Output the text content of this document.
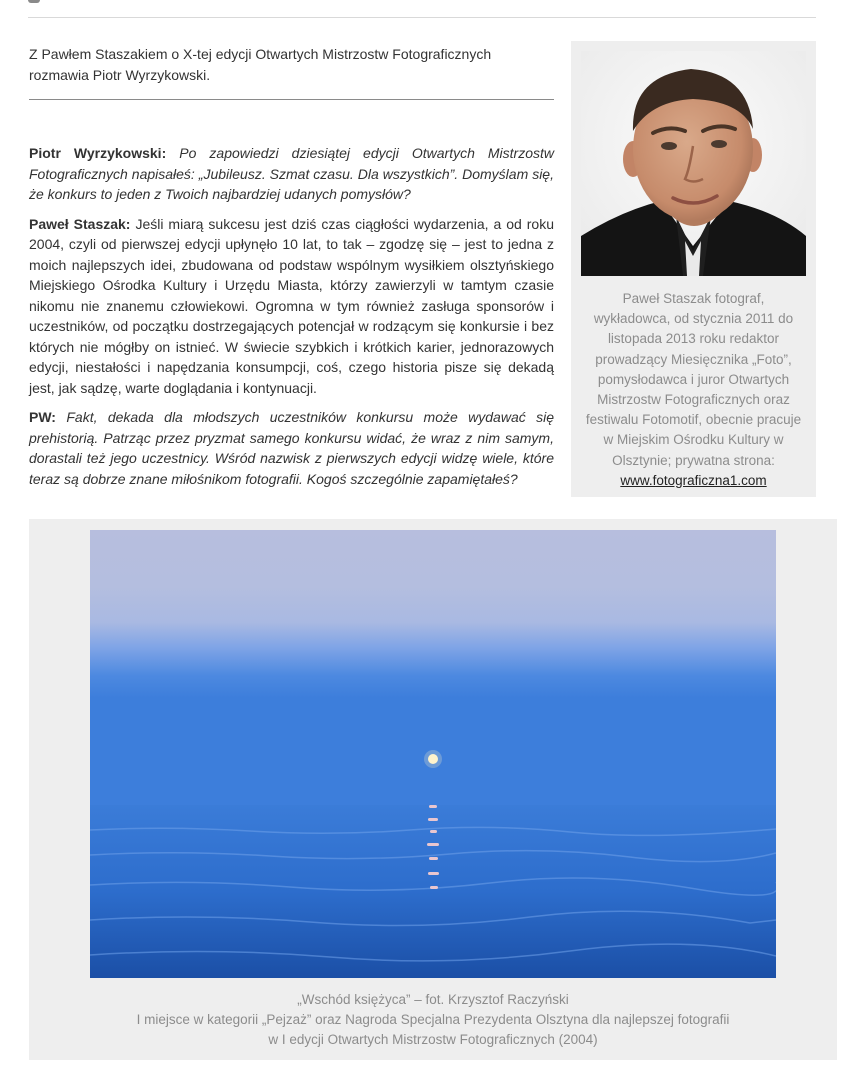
Z Pawłem Staszakiem o X-tej edycji Otwartych Mistrzostw Fotograficznych rozmawia Piotr Wyrzykowski.

Piotr Wyrzykowski: Po zapowiedzi dziesiątej edycji Otwartych Mistrzostw Fotograficznych napisałeś: „Jubileusz. Szmat czasu. Dla wszystkich”. Domyślam się, że konkurs to jeden z Twoich najbardziej udanych pomysłów?

Paweł Staszak: Jeśli miarą sukcesu jest dziś czas ciągłości wydarzenia, a od roku 2004, czyli od pierwszej edycji upłynęło 10 lat, to tak – zgodzę się – jest to jedna z moich najlepszych idei, zbudowana od podstaw wspólnym wysiłkiem olsztyńskiego Miejskiego Ośrodka Kultury i Urzędu Miasta, którzy zawierzyli w tamtym czasie nikomu nie znanemu człowiekowi. Ogromna w tym również zasługa sponsorów i uczestników, od początku dostrzegających potencjał w rodzącym się konkursie i bez których nie mógłby on istnieć. W świecie szybkich i krótkich karier, jednorazowych edycji, niestałości i napędzania konsumpcji, coś, czego historia pisze się dekadą jest, jak sądzę, warte doglądania i kontynuacji.

PW: Fakt, dekada dla młodszych uczestników konkursu może wydawać się prehistorią. Patrząc przez pryzmat samego konkursu widać, że wraz z nim samym, dorastali też jego uczestnicy. Wśród nazwisk z pierwszych edycji widzę wiele, które teraz są dobrze znane miłośnikom fotografii. Kogoś szczególnie zapamiętałeś?

Paweł Staszak fotograf, wykładowca, od stycznia 2011 do listopada 2013 roku redaktor prowadzący Miesięcznika „Foto”, pomysłodawca i juror Otwartych Mistrzostw Fotograficznych oraz festiwalu Fotomotif, obecnie pracuje w Miejskim Ośrodku Kultury w Olsztynie; prywatna strona:
www.fotograficzna1.com
„Wschód księżyca” – fot. Krzysztof Raczyński
I miejsce w kategorii „Pejzaż” oraz Nagroda Specjalna Prezydenta Olsztyna dla najlepszej fotografii
w I edycji Otwartych Mistrzostw Fotograficznych (2004)
